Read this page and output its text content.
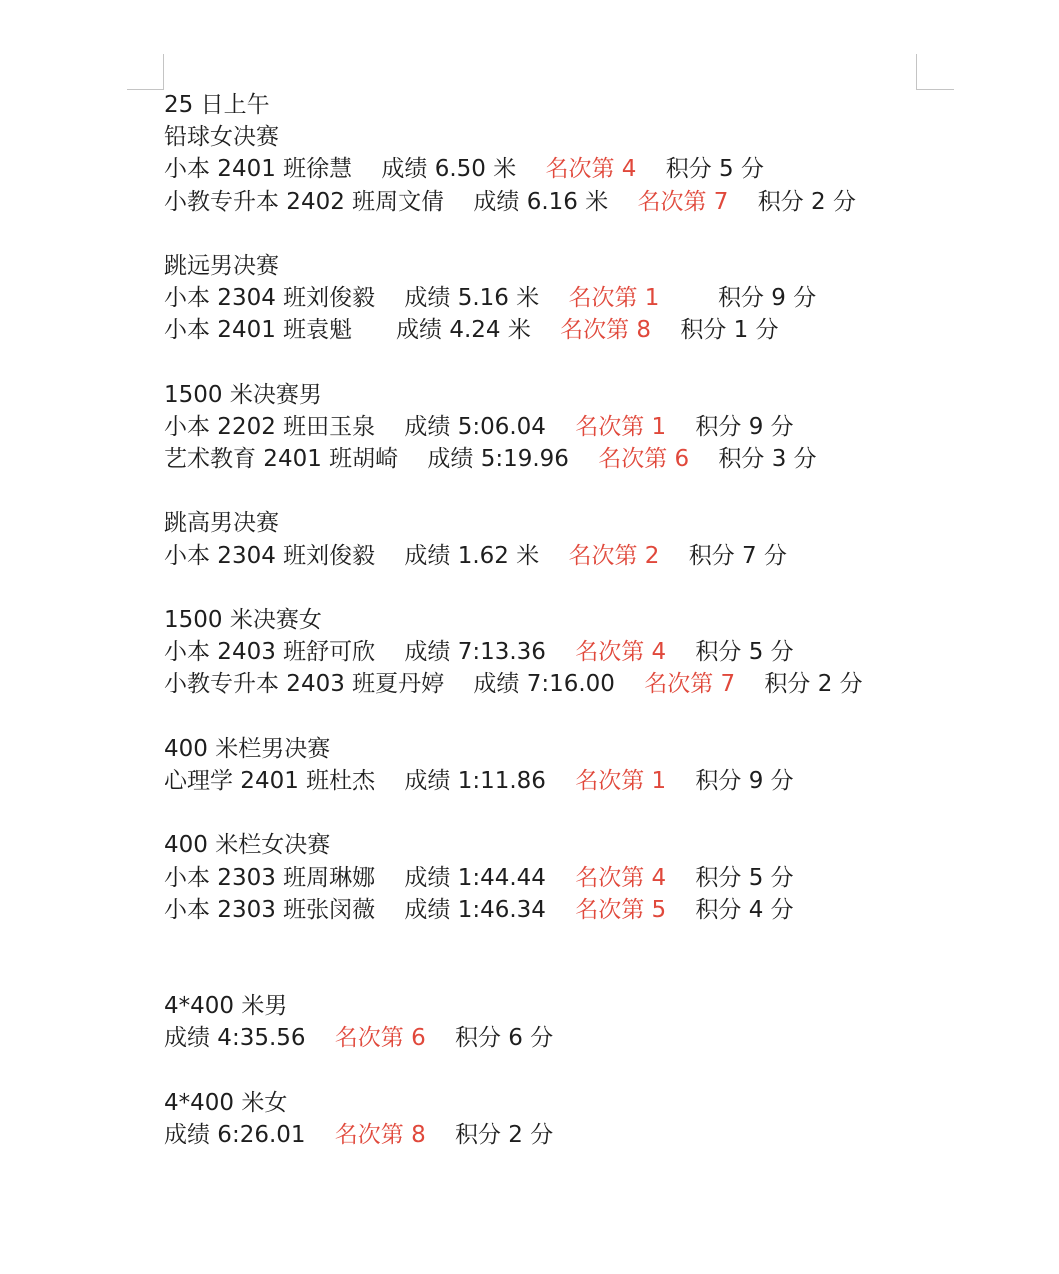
25 日上午
铅球女决赛
小本 2401 班徐慧 成绩 6.50 米 名次第 4 积分 5 分
小教专升本 2402 班周文倩 成绩 6.16 米 名次第 7 积分 2 分
跳远男决赛
小本 2304 班刘俊毅 成绩 5.16 米 名次第 1	积分 9 分
小本 2401 班袁魁 成绩 4.24 米 名次第 8 积分 1 分
1500 米决赛男
小本 2202 班田玉泉 成绩 5:06.04 名次第 1 积分 9 分
艺术教育 2401 班胡崎 成绩 5:19.96 名次第 6 积分 3 分
跳高男决赛
小本 2304 班刘俊毅 成绩 1.62 米 名次第 2 积分 7 分
1500 米决赛女
小本 2403 班舒可欣 成绩 7:13.36 名次第 4 积分 5 分
小教专升本 2403 班夏丹婷 成绩 7:16.00 名次第 7 积分 2 分
400 米栏男决赛
心理学 2401 班杜杰 成绩 1:11.86 名次第 1 积分 9 分
400 米栏女决赛
小本 2303 班周琳娜 成绩 1:44.44 名次第 4 积分 5 分
小本 2303 班张闵薇 成绩 1:46.34 名次第 5 积分 4 分
4*400 米男
成绩 4:35.56 名次第 6 积分 6 分
4*400 米女
成绩 6:26.01 名次第 8 积分 2 分
